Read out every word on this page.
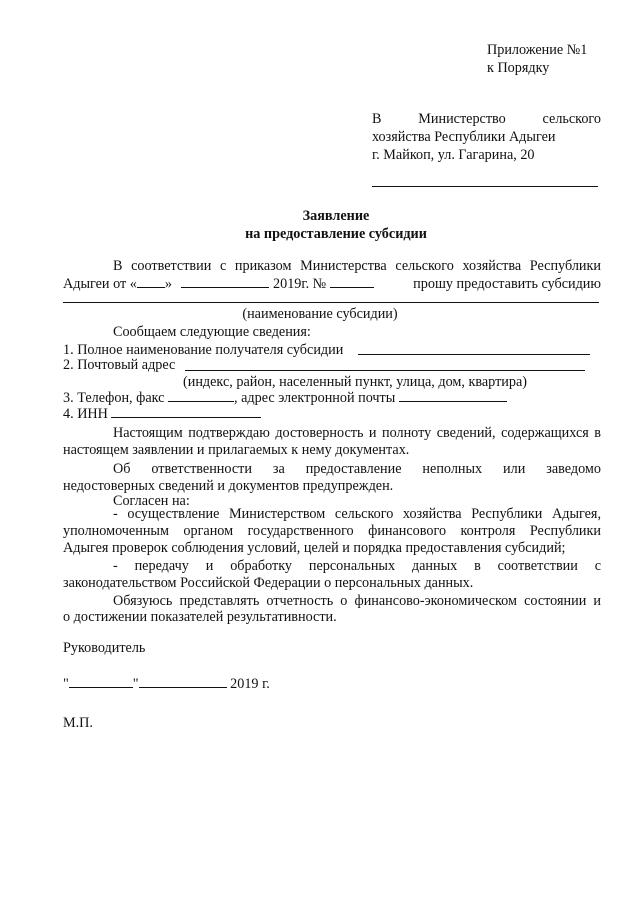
Приложение №1
к Порядку
В	Министерство	сельского
хозяйства Республики Адыгеи
г. Майкоп, ул. Гагарина, 20
Заявление
на предоставление субсидии
В соответствии с приказом Министерства сельского хозяйства Республики
Адыгеи от « »	2019г. №	прошу предоставить субсидию
(наименование субсидии)
Сообщаем следующие сведения:
1. Полное наименование получателя субсидии
2. Почтовый адрес
(индекс, район, населенный пункт, улица, дом, квартира)
3. Телефон, факс	, адрес электронной почты
4. ИНН
Настоящим подтверждаю достоверность и полноту сведений, содержащихся в
настоящем заявлении и прилагаемых к нему документах.
Об ответственности за предоставление неполных или заведомо
недостоверных сведений и документов предупрежден.
Согласен на:
- осуществление Министерством сельского хозяйства Республики Адыгея,
уполномоченным органом государственного финансового контроля Республики
Адыгея проверок соблюдения условий, целей и порядка предоставления субсидий;
- передачу и обработку персональных данных в соответствии с
законодательством Российской Федерации о персональных данных.
Обязуюсь представлять отчетность о финансово-экономическом состоянии и
о достижении показателей результативности.
Руководитель
"	"	2019 г.
М.П.
